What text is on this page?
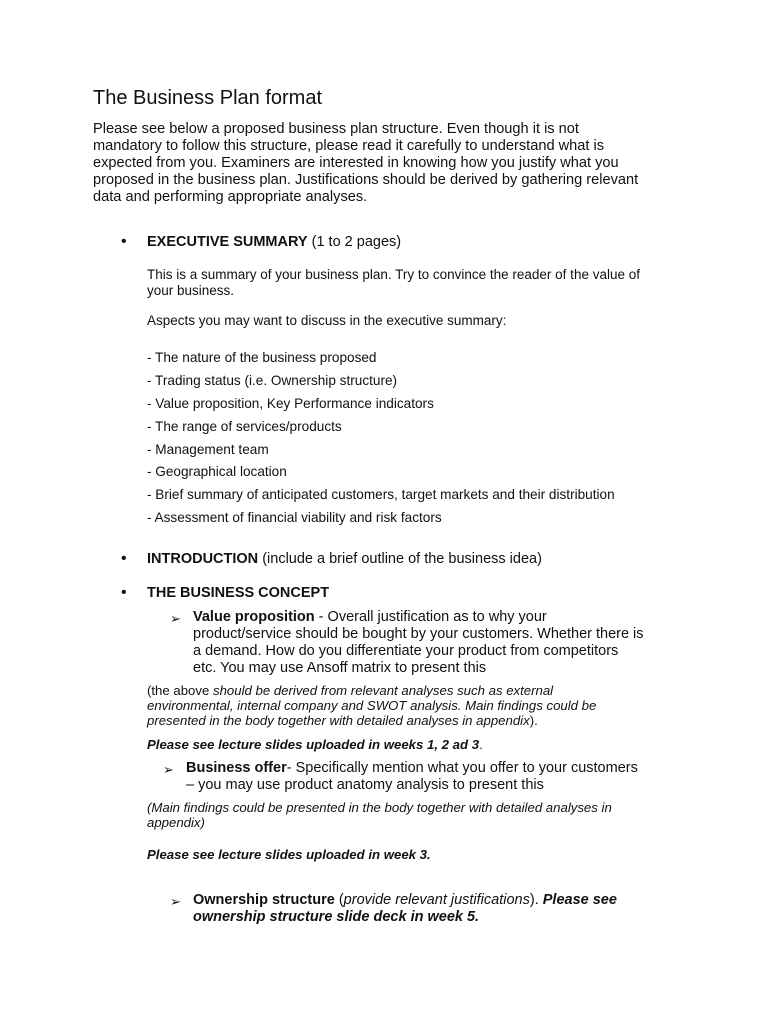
The Business Plan format
Please see below a proposed business plan structure. Even though it is not
mandatory to follow this structure, please read it carefully to understand what is
expected from you. Examiners are interested in knowing how you justify what you
proposed in the business plan. Justifications should be derived by gathering relevant
data and performing appropriate analyses.
• EXECUTIVE SUMMARY (1 to 2 pages)
This is a summary of your business plan. Try to convince the reader of the value of
your business.
Aspects you may want to discuss in the executive summary:
- The nature of the business proposed
- Trading status (i.e. Ownership structure)
- Value proposition, Key Performance indicators
- The range of services/products
- Management team
- Geographical location
- Brief summary of anticipated customers, target markets and their distribution
- Assessment of financial viability and risk factors
• INTRODUCTION (include a brief outline of the business idea)
• THE BUSINESS CONCEPT
➢ Value proposition - Overall justification as to why your
product/service should be bought by your customers. Whether there is
a demand. How do you differentiate your product from competitors
etc. You may use Ansoff matrix to present this
(the above should be derived from relevant analyses such as external
environmental, internal company and SWOT analysis. Main findings could be
presented in the body together with detailed analyses in appendix).
Please see lecture slides uploaded in weeks 1, 2 ad 3.
➢ Business offer- Specifically mention what you offer to your customers
– you may use product anatomy analysis to present this
(Main findings could be presented in the body together with detailed analyses in
appendix)
Please see lecture slides uploaded in week 3.
➢ Ownership structure (provide relevant justifications). Please see
ownership structure slide deck in week 5.
